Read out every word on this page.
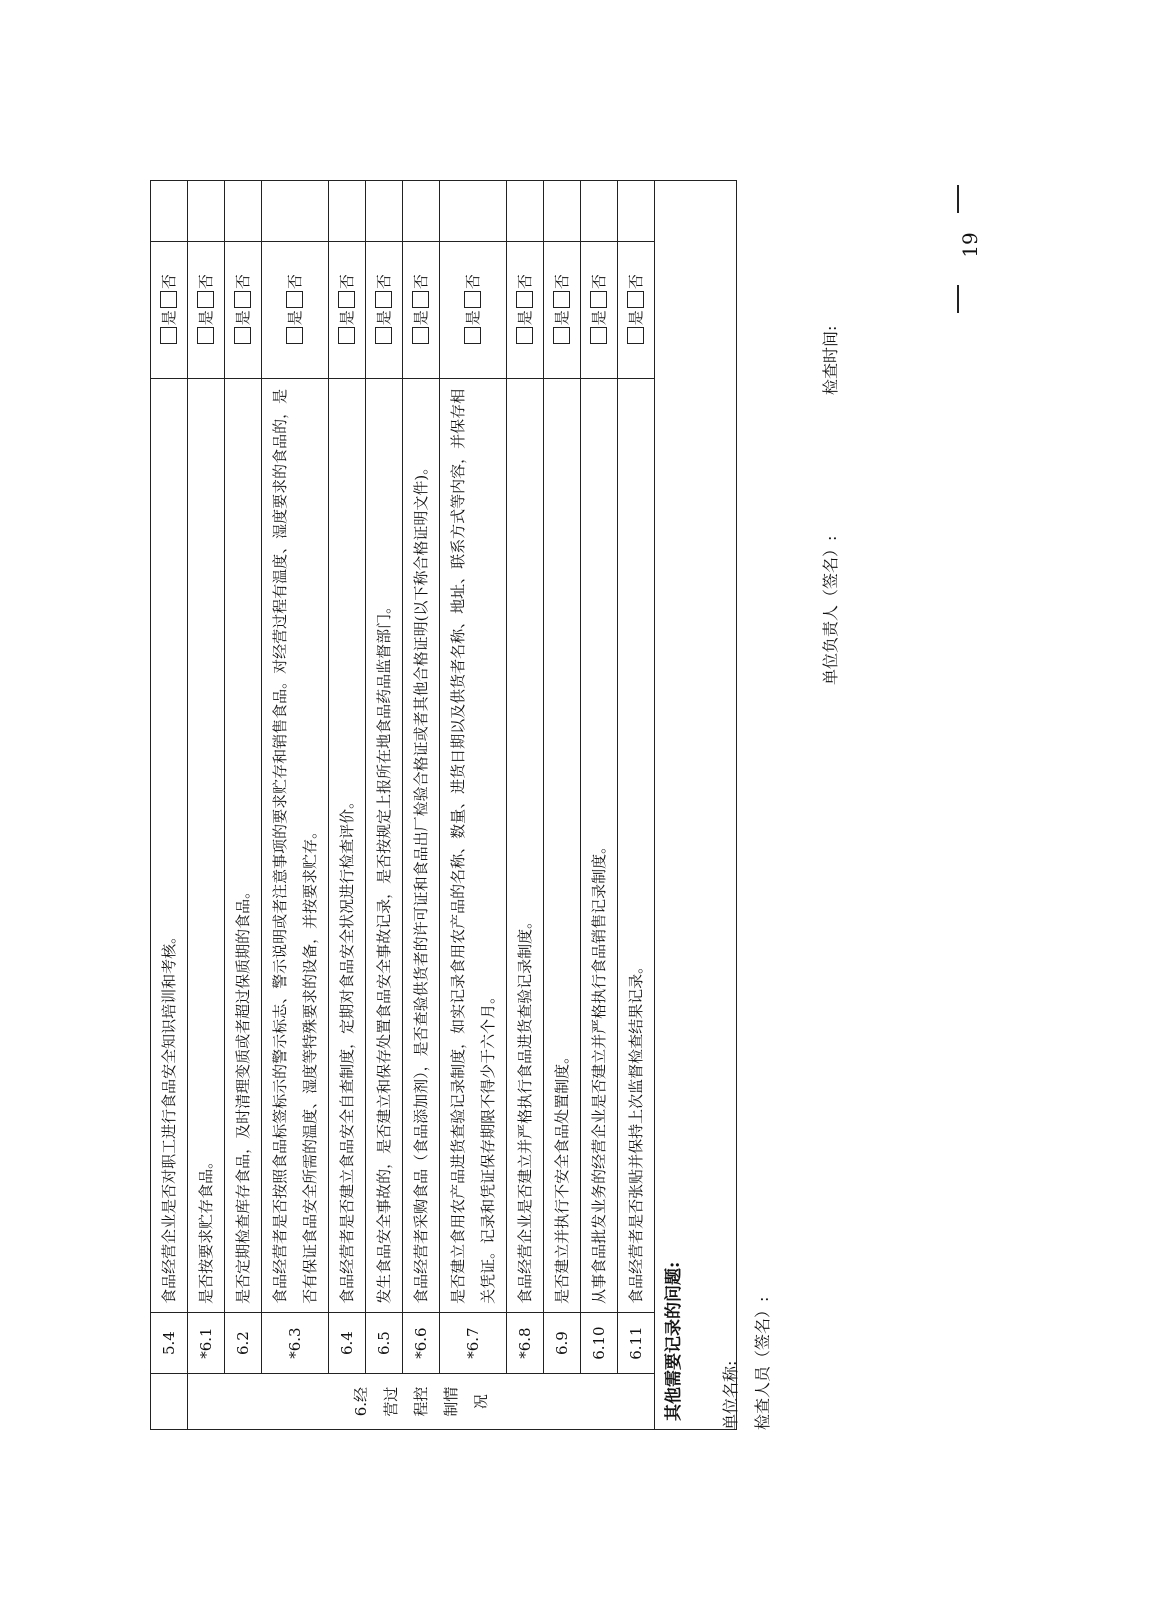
	5.4	食品经营企业是否对职工进行食品安全知识培训和考核。	是否	
6.经营过程控制情况	*6.1	是否按要求贮存食品。	是否	
	6.2	是否定期检查库存食品，及时清理变质或者超过保质期的食品。	是否	
	*6.3	食品经营者是否按照食品标签标示的警示标志、警示说明或者注意事项的要求贮存和销售食品。对经营过程有温度、湿度要求的食品的，是否有保证食品安全所需的温度、湿度等特殊要求的设备，并按要求贮存。	是否	
	6.4	食品经营者是否建立食品安全自查制度，定期对食品安全状况进行检查评价。	是否	
	6.5	发生食品安全事故的，是否建立和保存处置食品安全事故记录，是否按规定上报所在地食品药品监督部门。	是否	
	*6.6	食品经营者采购食品（食品添加剂），是否查验供货者的许可证和食品出厂检验合格证或者其他合格证明(以下称合格证明文件)。	是否	
	*6.7	是否建立食用农产品进货查验记录制度，如实记录食用农产品的名称、数量、进货日期以及供货者名称、地址、联系方式等内容，并保存相关凭证。记录和凭证保存期限不得少于六个月。	是否	
	*6.8	食品经营企业是否建立并严格执行食品进货查验记录制度。	是否	
	6.9	是否建立并执行不安全食品处置制度。	是否	
	6.10	从事食品批发业务的经营企业是否建立并严格执行食品销售记录制度。	是否	
	6.11	食品经营者是否张贴并保持上次监督检查结果记录。	是否	
其他需要记录的问题:				单位名称: 检查人员（签名）:
单位负责人（签名）:
检查时间:
19
